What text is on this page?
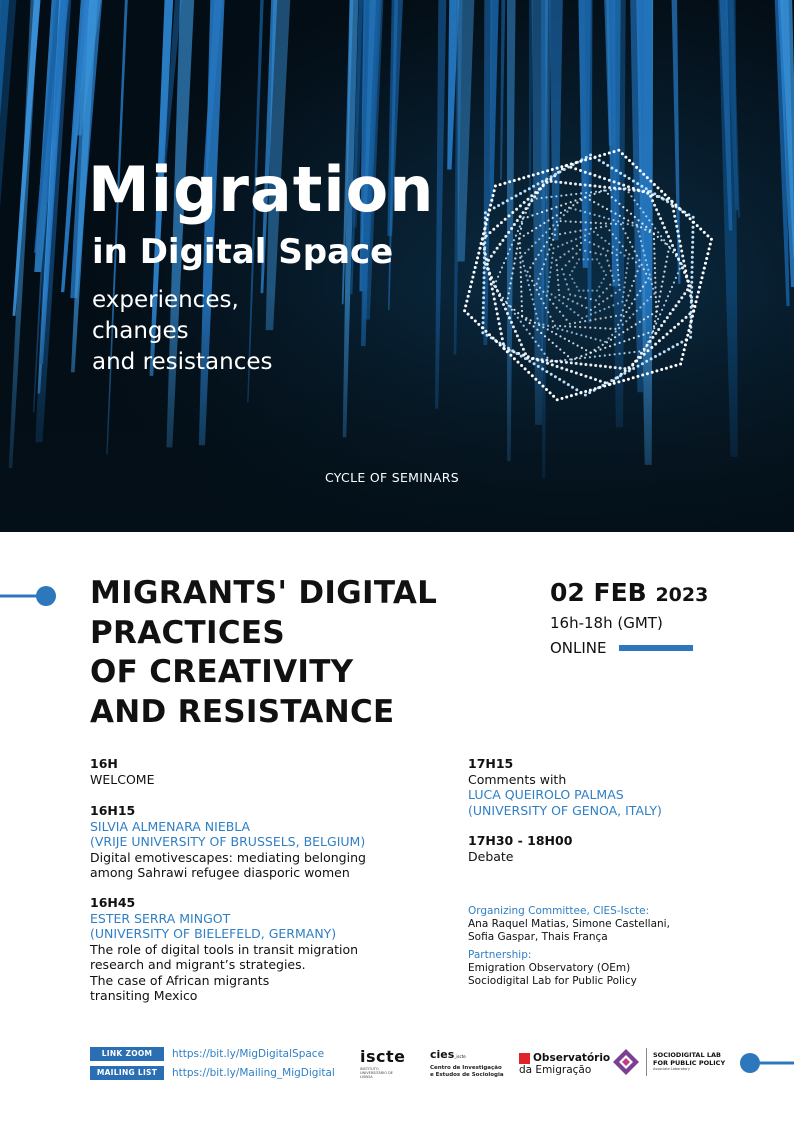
Migration
in Digital Space
experiences,
changes
and resistances
CYCLE OF SEMINARS
MIGRANTS' DIGITAL
PRACTICES
OF CREATIVITY
AND RESISTANCE
02 FEB 2023
16h-18h (GMT)
ONLINE
16H
WELCOME
16H15
SILVIA ALMENARA NIEBLA
(VRIJE UNIVERSITY OF BRUSSELS, BELGIUM)
Digital emotivescapes: mediating belonging
among Sahrawi refugee diasporic women
16H45
ESTER SERRA MINGOT
(UNIVERSITY OF BIELEFELD, GERMANY)
The role of digital tools in transit migration
research and migrant’s strategies.
The case of African migrants
transiting Mexico
17H15
Comments with
LUCA QUEIROLO PALMAS
(UNIVERSITY OF GENOA, ITALY)
17H30 - 18H00
Debate
Organizing Committee, CIES-Iscte:
Ana Raquel Matias, Simone Castellani,
Sofia Gaspar, Thais França
Partnership:
Emigration Observatory (OEm)
Sociodigital Lab for Public Policy
LINK ZOOM	https://bit.ly/MigDigitalSpace
MAILING LIST	https://bit.ly/Mailing_MigDigital
iscte
INSTITUTO UNIVERSITÁRIO DE LISBOA
cies_iscte
Centro de Investigação
e Estudos de Sociologia
Observatório
da Emigração
SOCIODIGITAL LAB
FOR PUBLIC POLICY
Associate Laboratory
